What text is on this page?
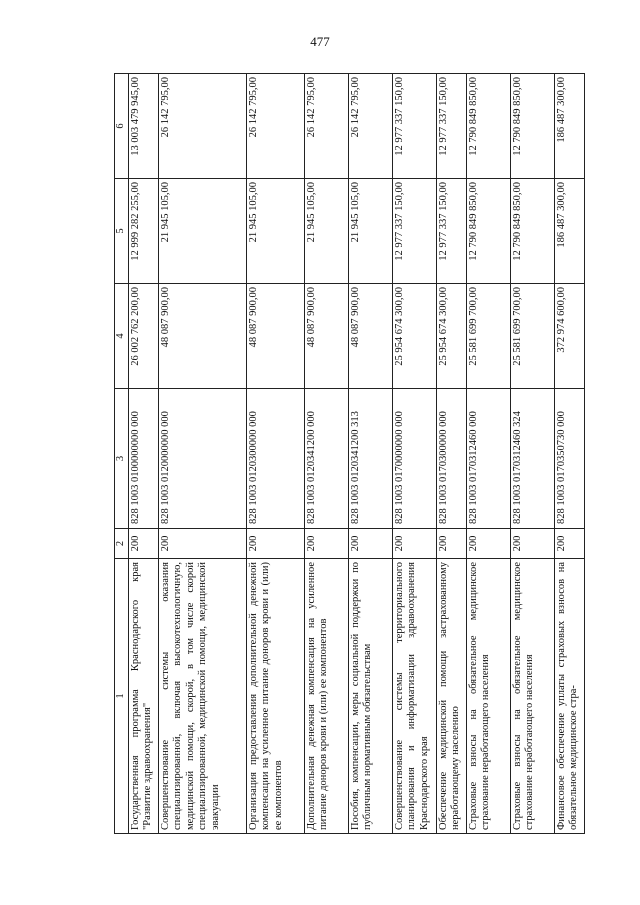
477
1	2	3	4	5	6
Государственная программа Краснодарского края "Развитие здравоохранения"	200	828 1003 0100000000 000	26 002 762 200,00	12 999 282 255,00	13 003 479 945,00
Совершенствование системы оказания специализированной, включая высокотехнологичную, медицинской помощи, скорой, в том числе скорой специализированной, медицинской помощи, медицинской эвакуации	200	828 1003 0120000000 000	48 087 900,00	21 945 105,00	26 142 795,00
Организация предоставления дополнительной денежной компенсации на усиленное питание доноров крови и (или) ее компонентов	200	828 1003 0120300000 000	48 087 900,00	21 945 105,00	26 142 795,00
Дополнительная денежная компенсация на усиленное питание доноров крови и (или) ее компонентов	200	828 1003 0120341200 000	48 087 900,00	21 945 105,00	26 142 795,00
Пособия, компенсации, меры социальной поддержки по публичным нормативным обязательствам	200	828 1003 0120341200 313	48 087 900,00	21 945 105,00	26 142 795,00
Совершенствование системы территориального планирования и информатизации здравоохранения Краснодарского края	200	828 1003 0170000000 000	25 954 674 300,00	12 977 337 150,00	12 977 337 150,00
Обеспечение медицинской помощи застрахованному неработающему населению	200	828 1003 0170300000 000	25 954 674 300,00	12 977 337 150,00	12 977 337 150,00
Страховые взносы на обязательное медицинское страхование неработающего населения	200	828 1003 0170312460 000	25 581 699 700,00	12 790 849 850,00	12 790 849 850,00
Страховые взносы на обязательное медицинское страхование неработающего населения	200	828 1003 0170312460 324	25 581 699 700,00	12 790 849 850,00	12 790 849 850,00
Финансовое обеспечение уплаты страховых взносов на обязательное медицинское стра-	200	828 1003 0170350730 000	372 974 600,00	186 487 300,00	186 487 300,00
